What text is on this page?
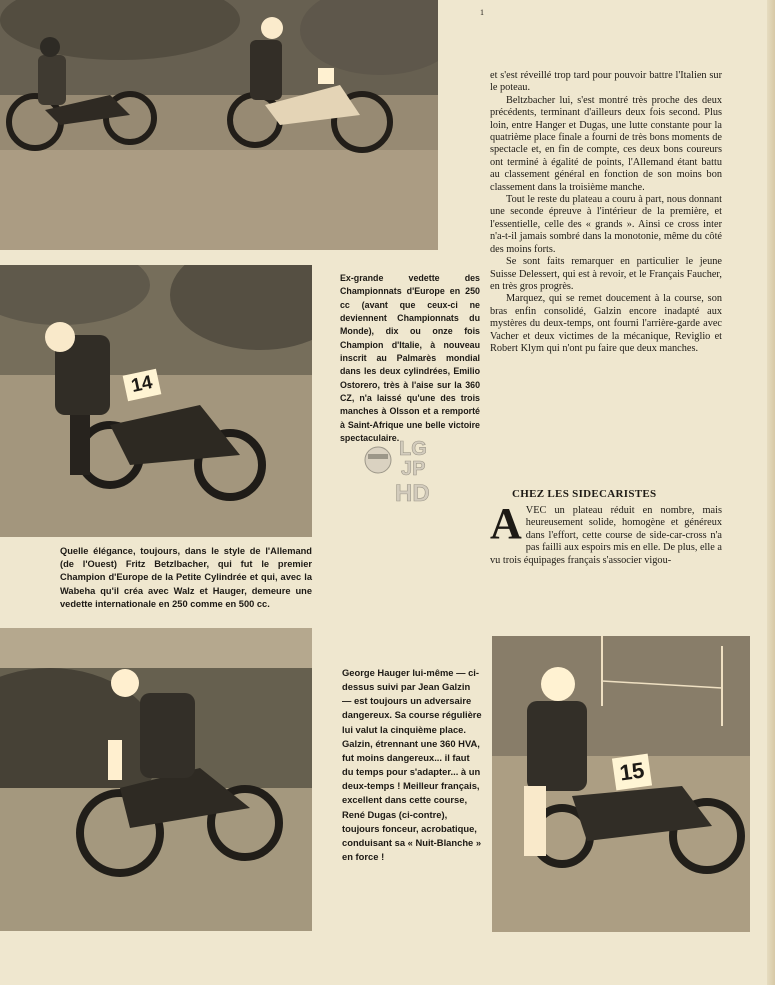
1
14
Ex-grande vedette des Championnats d'Europe en 250 cc (avant que ceux-ci ne deviennent Championnats du Monde), dix ou onze fois Champion d'Italie, à nouveau inscrit au Palmarès mondial dans les deux cylindrées, Emilio Ostorero, très à l'aise sur la 360 CZ, n'a laissé qu'une des trois manches à Olsson et a remporté à Saint-Afrique une belle victoire spectaculaire. LG
JP
HD
Quelle élégance, toujours, dans le style de l'Allemand (de l'Ouest) Fritz Betzlbacher, qui fut le premier Champion d'Europe de la Petite Cylindrée et qui, avec la Wabeha qu'il créa avec Walz et Hauger, demeure une vedette internationale en 250 comme en 500 cc.

et s'est réveillé trop tard pour pouvoir battre l'Italien sur le poteau.

Beltzbacher lui, s'est montré très proche des deux précédents, terminant d'ailleurs deux fois second. Plus loin, entre Hanger et Dugas, une lutte constante pour la quatrième place finale a fourni de très bons moments de spectacle et, en fin de compte, ces deux bons coureurs ont terminé à égalité de points, l'Allemand étant battu au classement général en fonction de son moins bon classement dans la troisième manche.

Tout le reste du plateau a couru à part, nous donnant une seconde épreuve à l'intérieur de la première, et l'essentielle, celle des « grands ». Ainsi ce cross inter n'a-t-il jamais sombré dans la monotonie, même du côté des moins forts.

Se sont faits remarquer en particulier le jeune Suisse Delessert, qui est à revoir, et le Français Faucher, en très gros progrès.

Marquez, qui se remet doucement à la course, son bras enfin consolidé, Galzin encore inadapté aux mystères du deux-temps, ont fourni l'arrière-garde avec Vacher et deux victimes de la mécanique, Reviglio et Robert Klym qui n'ont pu faire que deux manches.

CHEZ LES SIDECARISTES
A VEC un plateau réduit en nombre, mais heureusement solide, homogène et généreux dans l'effort, cette course de side-car-cross n'a pas failli aux espoirs mis en elle. De plus, elle a vu trois équipages français s'associer vigou-

George Hauger lui-même — ci-dessus suivi par Jean Galzin — est toujours un adversaire dangereux. Sa course régulière lui valut la cinquième place. Galzin, étrennant une 360 HVA, fut moins dangereux... il faut du temps pour s'adapter... à un deux-temps ! Meilleur français, excellent dans cette course, René Dugas (ci-contre), toujours fonceur, acrobatique, conduisant sa « Nuit-Blanche » en force !
15
